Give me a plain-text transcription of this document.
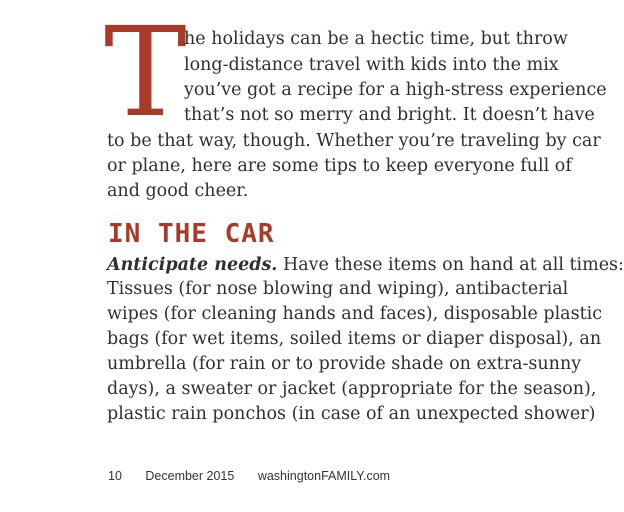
T
he holidays can be a hectic time, but throw
long-distance travel with kids into the mix
you’ve got a recipe for a high-stress experience
that’s not so merry and bright. It doesn’t have
to be that way, though. Whether you’re traveling by car
or plane, here are some tips to keep everyone full of
and good cheer.
IN THE CAR
Anticipate needs. Have these items on hand at all times:
Tissues (for nose blowing and wiping), antibacterial
wipes (for cleaning hands and faces), disposable plastic
bags (for wet items, soiled items or diaper disposal), an
umbrella (for rain or to provide shade on extra-sunny
days), a sweater or jacket (appropriate for the season),
plastic rain ponchos (in case of an unexpected shower)
10 December 2015 washingtonFAMILY.com
